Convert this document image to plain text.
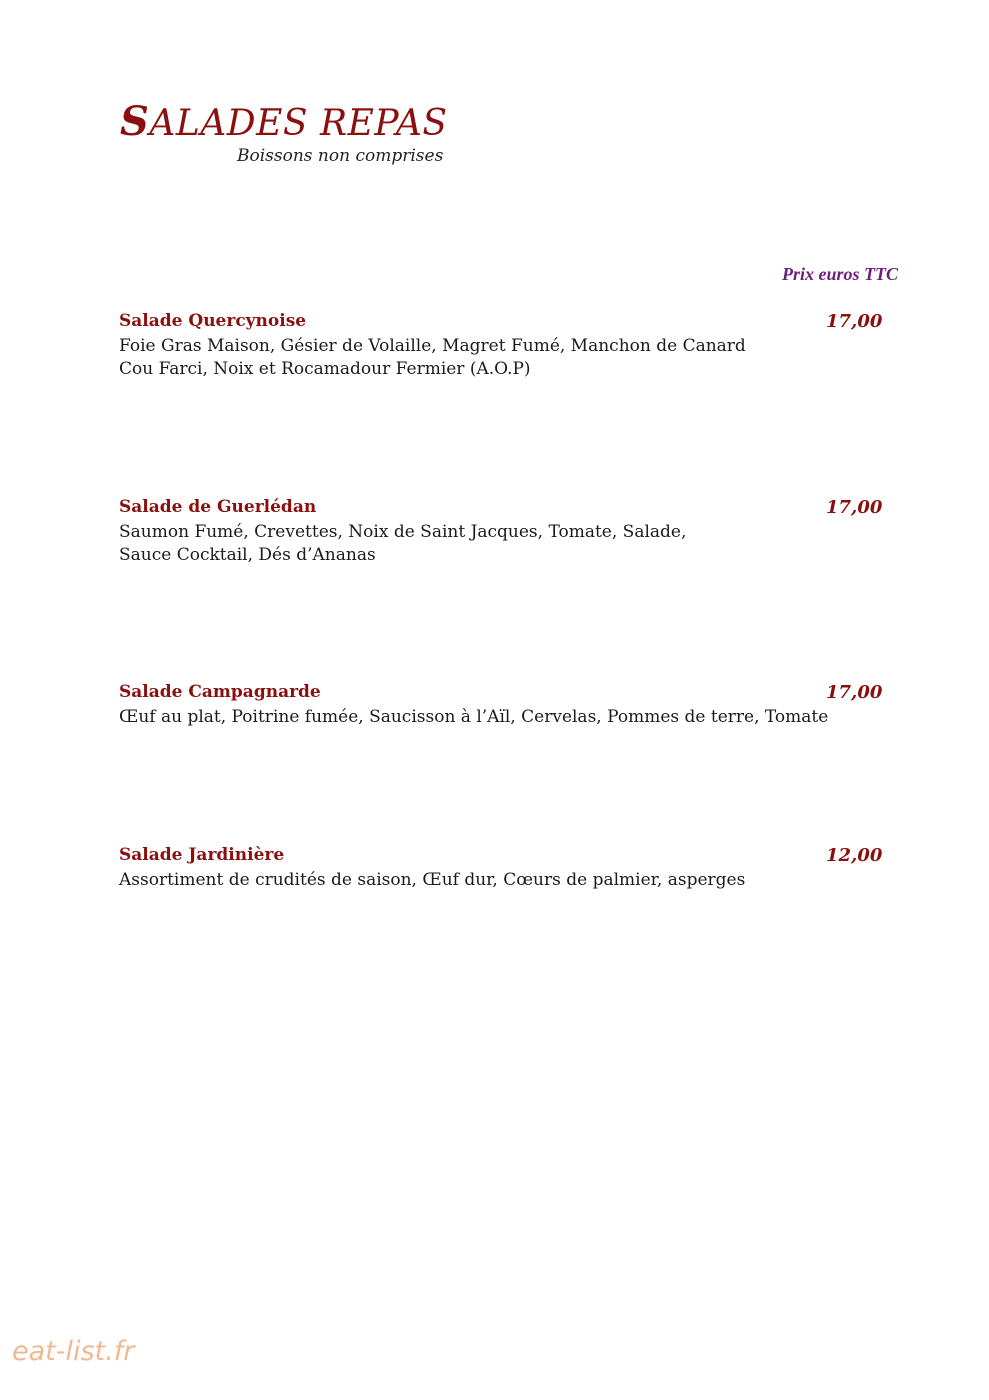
SALADES REPAS
Boissons non comprises
Prix euros TTC
Salade Quercynoise	17,00
Foie Gras Maison, Gésier de Volaille, Magret Fumé, Manchon de Canard
Cou Farci, Noix et Rocamadour Fermier (A.O.P)
Salade de Guerlédan	17,00
Saumon Fumé, Crevettes, Noix de Saint Jacques, Tomate, Salade,
Sauce Cocktail, Dés d’Ananas
Salade Campagnarde	17,00
Œuf au plat, Poitrine fumée, Saucisson à l’Aïl, Cervelas, Pommes de terre, Tomate
Salade Jardinière	12,00
Assortiment de crudités de saison, Œuf dur, Cœurs de palmier, asperges
eat-list.fr
